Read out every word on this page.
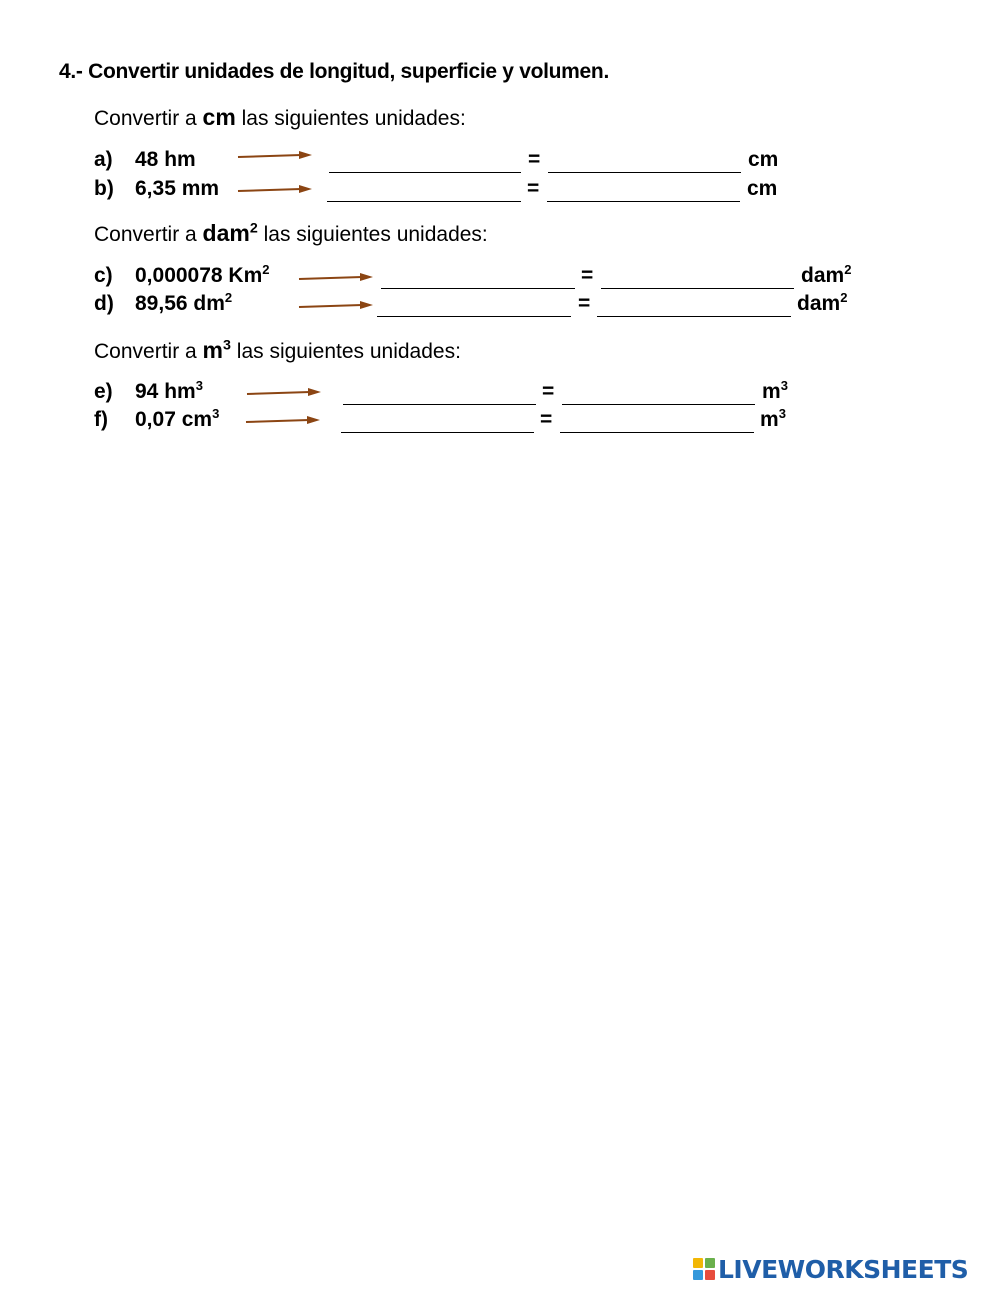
4.- Convertir unidades de longitud, superficie y volumen.
Convertir a cm las siguientes unidades:
a) 48 hm	=	cm
b) 6,35 mm	=	cm
Convertir a dam$^2$ las siguientes unidades:
c) 0,000078 $Km^2$	=	dam$^2$
d) 89,56 $dm^2$	=	dam$^2$
Convertir a $m^3$ las siguientes unidades:
e) 94 $hm^3$	=	$m^3$
f) 0,07 $cm^3$	=	$m^3$
LIVEWORKSHEETS
